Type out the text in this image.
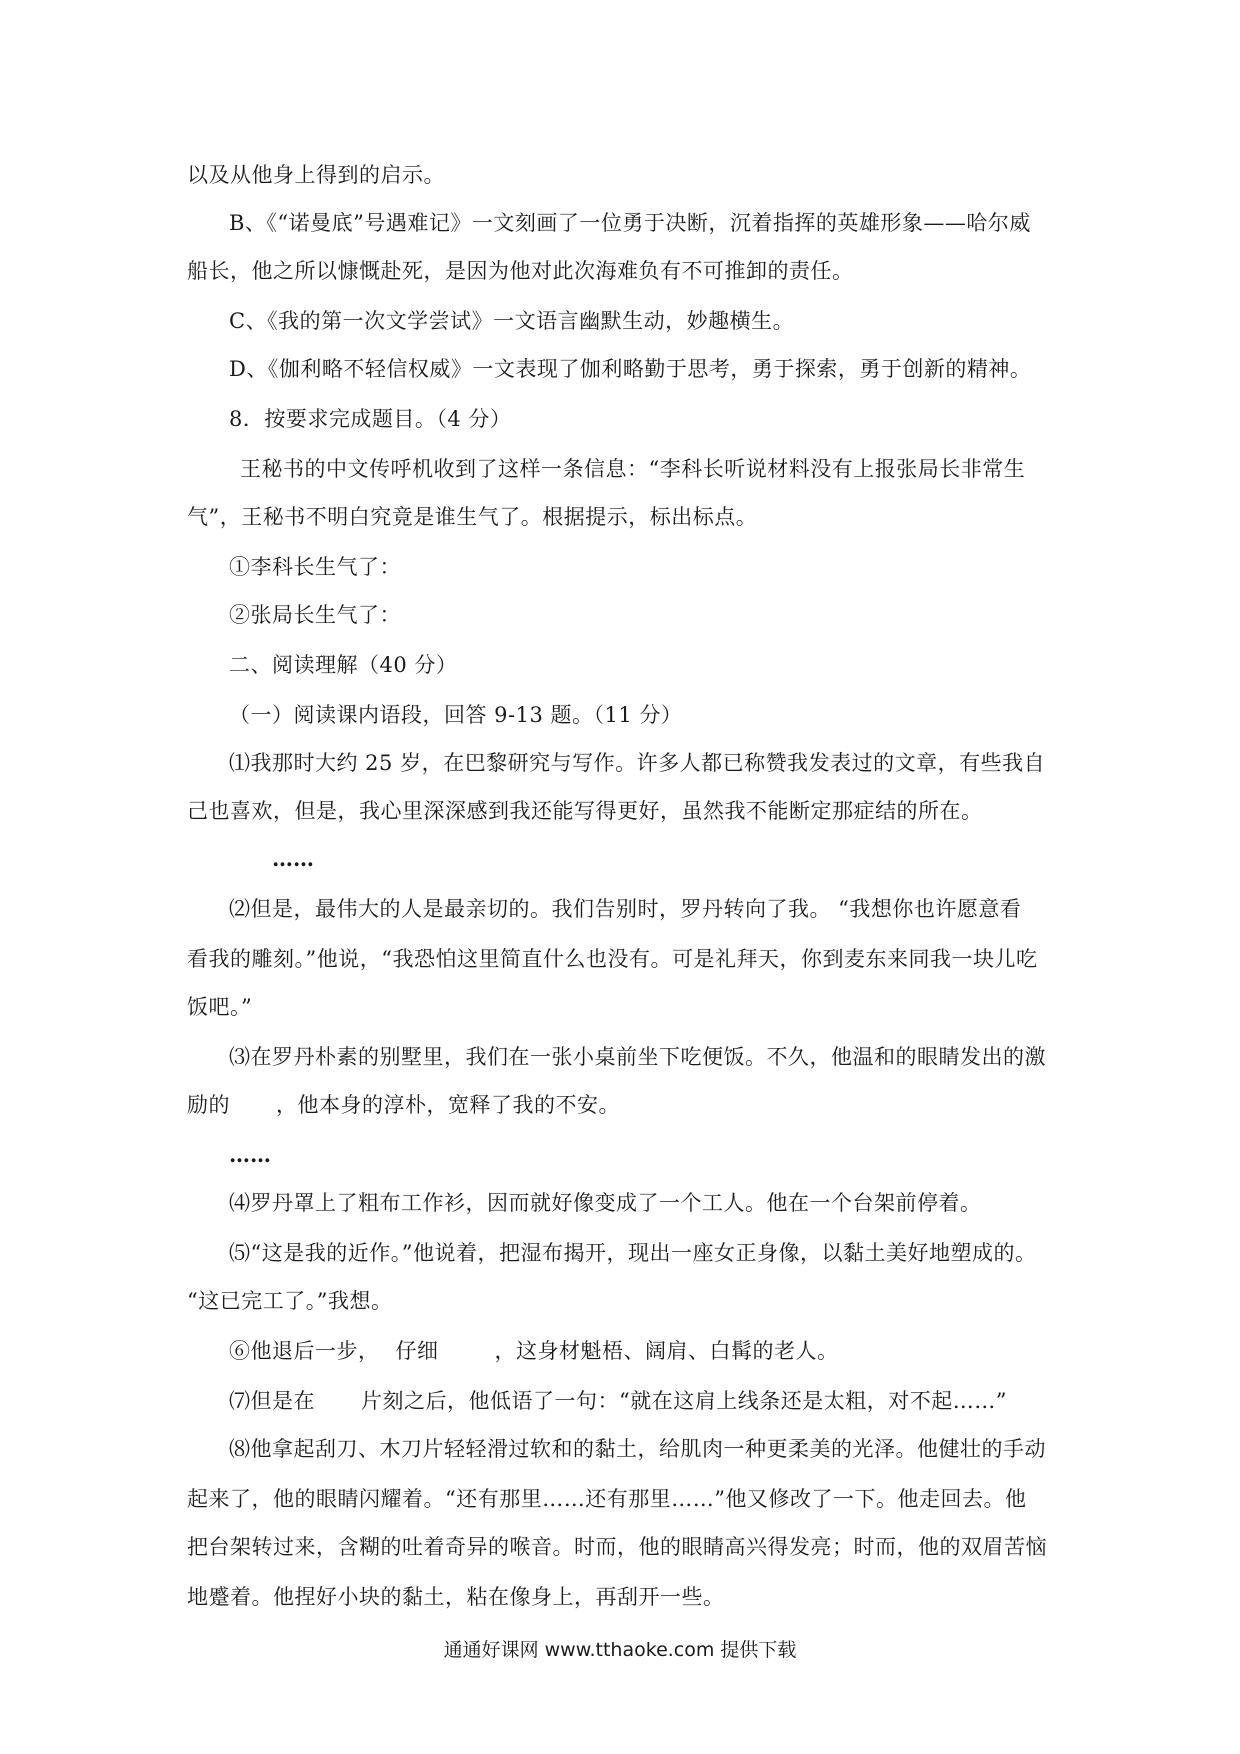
以及从他身上得到的启示。
B、《“诺曼底”号遇难记》一文刻画了一位勇于决断，沉着指挥的英雄形象——哈尔威
船长，他之所以慷慨赴死，是因为他对此次海难负有不可推卸的责任。
C、《我的第一次文学尝试》一文语言幽默生动，妙趣横生。
D、《伽利略不轻信权威》一文表现了伽利略勤于思考，勇于探索，勇于创新的精神。
8．按要求完成题目。（4 分）
王秘书的中文传呼机收到了这样一条信息：“李科长听说材料没有上报张局长非常生
气”，王秘书不明白究竟是谁生气了。根据提示，标出标点。
①李科长生气了：
②张局长生气了：
二、阅读理解（40 分）
（一）阅读课内语段，回答 9-13 题。（11 分）
⑴我那时大约 25 岁，在巴黎研究与写作。许多人都已称赞我发表过的文章，有些我自
己也喜欢，但是，我心里深深感到我还能写得更好，虽然我不能断定那症结的所在。
……
⑵但是，最伟大的人是最亲切的。我们告别时，罗丹转向了我。 “我想你也许愿意看
看我的雕刻。”他说，“我恐怕这里简直什么也没有。可是礼拜天，你到麦东来同我一块儿吃
饭吧。”
⑶在罗丹朴素的别墅里，我们在一张小桌前坐下吃便饭。不久，他温和的眼睛发出的激
励的 ，他本身的淳朴，宽释了我的不安。
……
⑷罗丹罩上了粗布工作衫，因而就好像变成了一个工人。他在一个台架前停着。
⑸“这是我的近作。”他说着，把湿布揭开，现出一座女正身像，以黏土美好地塑成的。
“这已完工了。”我想。
⑥他退后一步， 仔细	，这身材魁梧、阔肩、白髯的老人。
⑺但是在 片刻之后，他低语了一句：“就在这肩上线条还是太粗，对不起……”
⑻他拿起刮刀、木刀片轻轻滑过软和的黏土，给肌肉一种更柔美的光泽。他健壮的手动
起来了，他的眼睛闪耀着。“还有那里……还有那里……”他又修改了一下。他走回去。他
把台架转过来，含糊的吐着奇异的喉音。时而，他的眼睛高兴得发亮；时而，他的双眉苦恼
地蹙着。他捏好小块的黏土，粘在像身上，再刮开一些。
通通好课网 www.tthaoke.com 提供下载
